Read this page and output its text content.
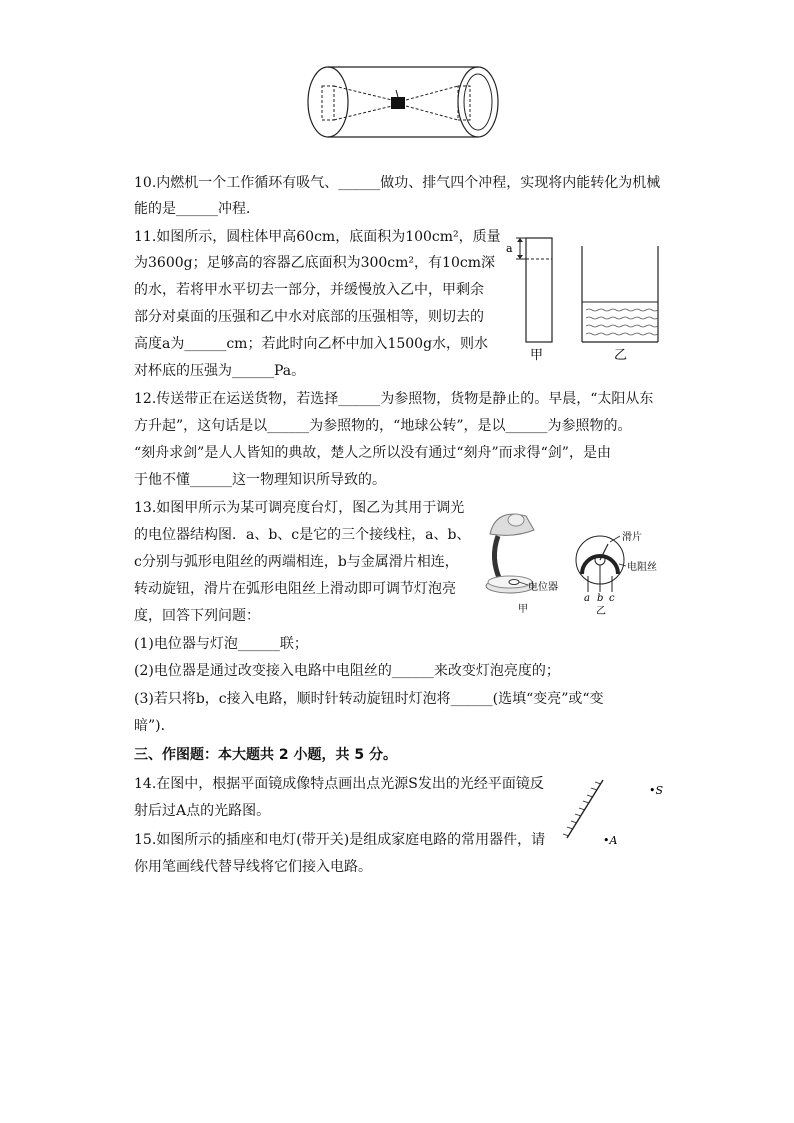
10.内燃机一个工作循环有吸气、______做功、排气四个冲程，实现将内能转化为机械
能的是______冲程．
11.如图所示，圆柱体甲高60cm，底面积为100cm²，质量
为3600g；足够高的容器乙底面积为300cm²，有10cm深
的水，若将甲水平切去一部分，并缓慢放入乙中，甲剩余
部分对桌面的压强和乙中水对底部的压强相等，则切去的
高度a为______cm；若此时向乙杯中加入1500g水，则水
对杯底的压强为______Pa。
a
甲	乙
12.传送带正在运送货物，若选择______为参照物，货物是静止的。早晨，“太阳从东
方升起”，这句话是以______为参照物的，“地球公转”，是以______为参照物的。
“刻舟求剑”是人人皆知的典故，楚人之所以没有通过“刻舟”而求得“剑”，是由
于他不懂______这一物理知识所导致的。
13.如图甲所示为某可调亮度台灯，图乙为其用于调光
的电位器结构图．a、b、c是它的三个接线柱，a、b、
c分别与弧形电阻丝的两端相连，b与金属滑片相连，
转动旋钮，滑片在弧形电阻丝上滑动即可调节灯泡亮
度，回答下列问题：
(1)电位器与灯泡______联；
(2)电位器是通过改变接入电路中电阻丝的______来改变灯泡亮度的；
(3)若只将b，c接入电路，顺时针转动旋钮时灯泡将______(选填“变亮”或“变
暗”)．
电位器
甲
滑片
电阻丝
a b c
乙
三、作图题：本大题共 2 小题，共 5 分。
14.在图中，根据平面镜成像特点画出点光源S发出的光经平面镜反
射后过A点的光路图。
•S
•A
15.如图所示的插座和电灯(带开关)是组成家庭电路的常用器件，请
你用笔画线代替导线将它们接入电路。
